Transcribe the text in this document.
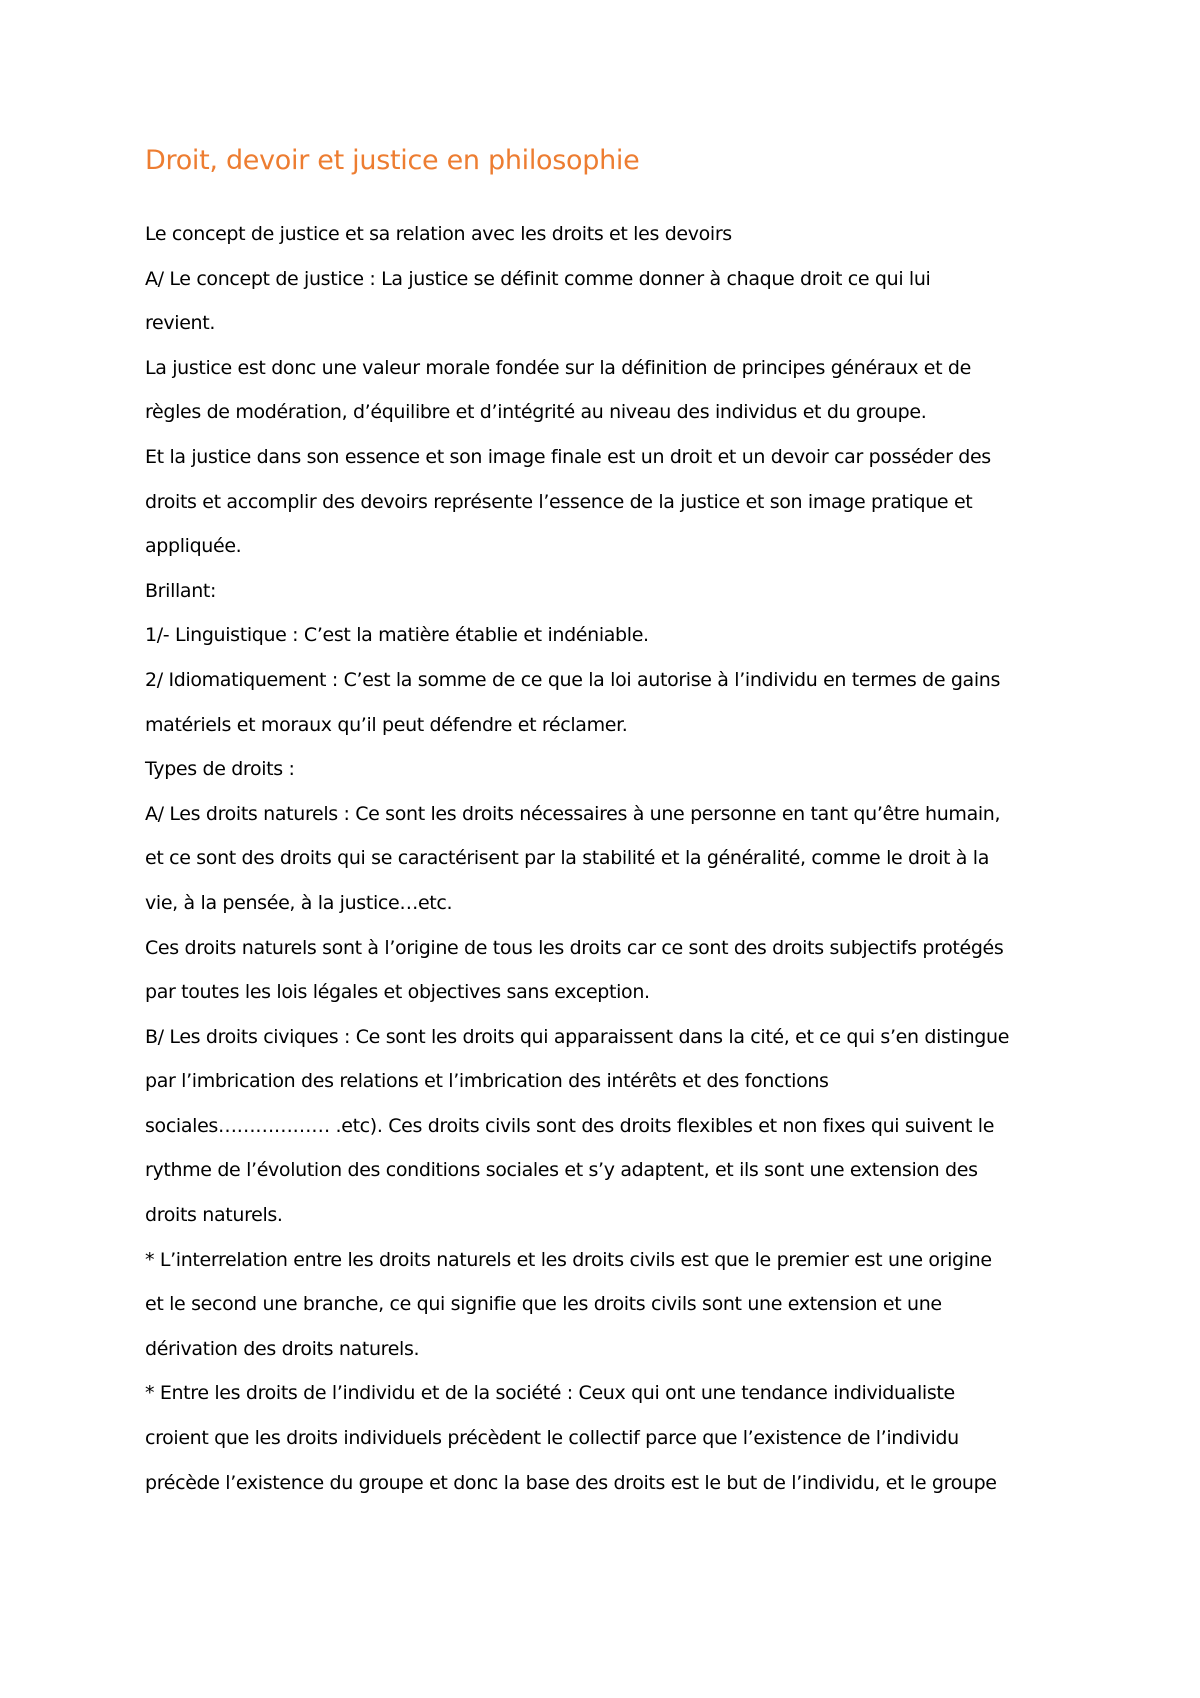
Droit, devoir et justice en philosophie
Le concept de justice et sa relation avec les droits et les devoirs
A/ Le concept de justice : La justice se définit comme donner à chaque droit ce qui lui
revient.
La justice est donc une valeur morale fondée sur la définition de principes généraux et de
règles de modération, d’équilibre et d’intégrité au niveau des individus et du groupe.
Et la justice dans son essence et son image finale est un droit et un devoir car posséder des
droits et accomplir des devoirs représente l’essence de la justice et son image pratique et
appliquée.
Brillant:
1/- Linguistique : C’est la matière établie et indéniable.
2/ Idiomatiquement : C’est la somme de ce que la loi autorise à l’individu en termes de gains
matériels et moraux qu’il peut défendre et réclamer.
Types de droits :
A/ Les droits naturels : Ce sont les droits nécessaires à une personne en tant qu’être humain,
et ce sont des droits qui se caractérisent par la stabilité et la généralité, comme le droit à la
vie, à la pensée, à la justice…etc.
Ces droits naturels sont à l’origine de tous les droits car ce sont des droits subjectifs protégés
par toutes les lois légales et objectives sans exception.
B/ Les droits civiques : Ce sont les droits qui apparaissent dans la cité, et ce qui s’en distingue
par l’imbrication des relations et l’imbrication des intérêts et des fonctions
sociales……………… .etc). Ces droits civils sont des droits flexibles et non fixes qui suivent le
rythme de l’évolution des conditions sociales et s’y adaptent, et ils sont une extension des
droits naturels.
* L’interrelation entre les droits naturels et les droits civils est que le premier est une origine
et le second une branche, ce qui signifie que les droits civils sont une extension et une
dérivation des droits naturels.
* Entre les droits de l’individu et de la société : Ceux qui ont une tendance individualiste
croient que les droits individuels précèdent le collectif parce que l’existence de l’individu
précède l’existence du groupe et donc la base des droits est le but de l’individu, et le groupe
